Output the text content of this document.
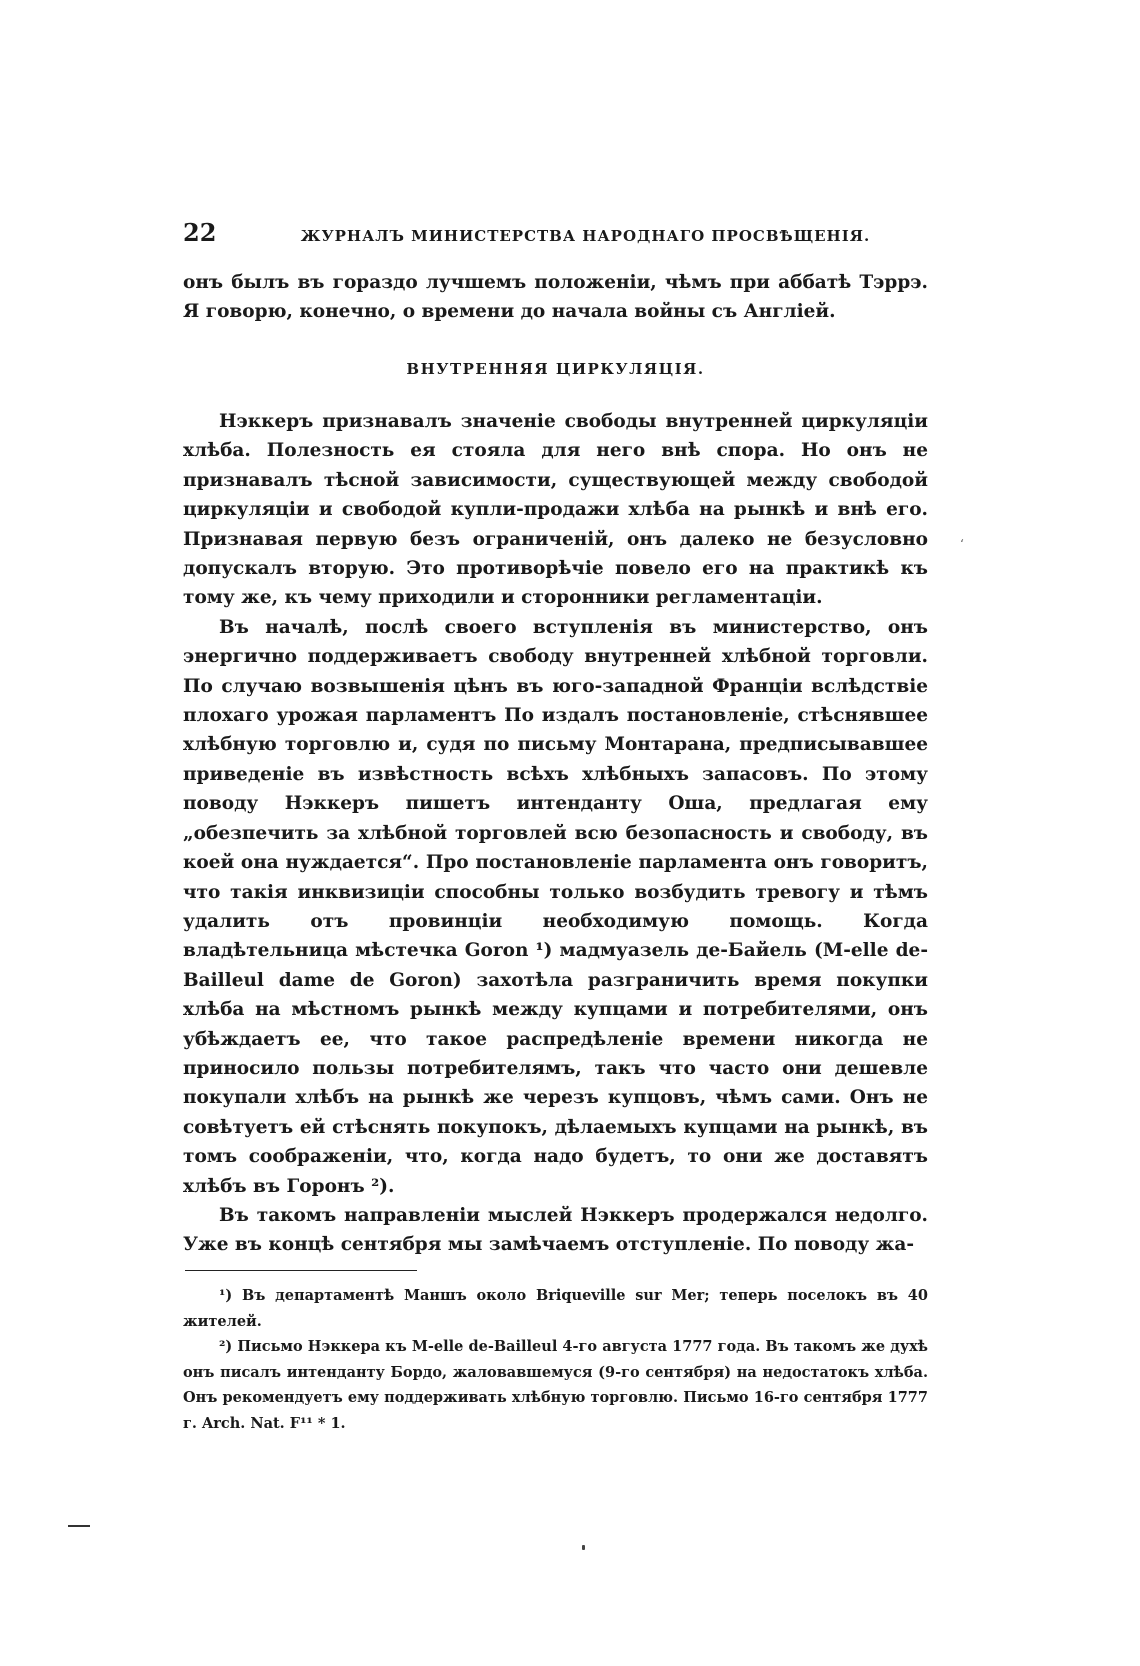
22	ЖУРНАЛЪ МИНИСТЕРСТВА НАРОДНАГО ПРОСВѢЩЕНІЯ.

онъ былъ въ гораздо лучшемъ положеніи, чѣмъ при аббатѣ Тэррэ. Я говорю, конечно, о времени до начала войны съ Англіей.

ВНУТРЕННЯЯ ЦИРКУЛЯЦІЯ.

Нэккеръ признавалъ значеніе свободы внутренней циркуляціи хлѣба. Полезность ея стояла для него внѣ спора. Но онъ не признавалъ тѣсной зависимости, существующей между свободой циркуляціи и свободой купли-продажи хлѣба на рынкѣ и внѣ его. Признавая первую безъ ограниченій, онъ далеко не безусловно допускалъ вторую. Это противорѣчіе повело его на практикѣ къ тому же, къ чему приходили и сторонники регламентаціи.

Въ началѣ, послѣ своего вступленія въ министерство, онъ энергично поддерживаетъ свободу внутренней хлѣбной торговли. По случаю возвышенія цѣнъ въ юго-западной Франціи вслѣдствіе плохаго урожая парламентъ По издалъ постановленіе, стѣснявшее хлѣбную торговлю и, судя по письму Монтарана, предписывавшее приведеніе въ извѣстность всѣхъ хлѣбныхъ запасовъ. По этому поводу Нэккеръ пишетъ интенданту Оша, предлагая ему „обезпечить за хлѣбной торговлей всю безопасность и свободу, въ коей она нуждается“. Про постановленіе парламента онъ говоритъ, что такія инквизиціи способны только возбудить тревогу и тѣмъ удалить отъ провинціи необходимую помощь. Когда владѣтельница мѣстечка Goron ¹) мадмуазель де-Байель (M-elle de-Bailleul dame de Goron) захотѣла разграничить время покупки хлѣба на мѣстномъ рынкѣ между купцами и потребителями, онъ убѣждаетъ ее, что такое распредѣленіе времени никогда не приносило пользы потребителямъ, такъ что часто они дешевле покупали хлѣбъ на рынкѣ же черезъ купцовъ, чѣмъ сами. Онъ не совѣтуетъ ей стѣснять покупокъ, дѣлаемыхъ купцами на рынкѣ, въ томъ соображеніи, что, когда надо будетъ, то они же доставятъ хлѣбъ въ Горонъ ²).

Въ такомъ направленіи мыслей Нэккеръ продержался недолго. Уже въ концѣ сентября мы замѣчаемъ отступленіе. По поводу жа-

¹) Въ департаментѣ Маншъ около Briqueville sur Mer; теперь поселокъ въ 40 жителей.

²) Письмо Нэккера къ M-elle de-Bailleul 4-го августа 1777 года. Въ такомъ же духѣ онъ писалъ интенданту Бордо, жаловавшемуся (9-го сентября) на недостатокъ хлѣба. Онъ рекомендуетъ ему поддерживать хлѣбную торговлю. Письмо 16-го сентября 1777 г. Arch. Nat. F¹¹ * 1.

‘
